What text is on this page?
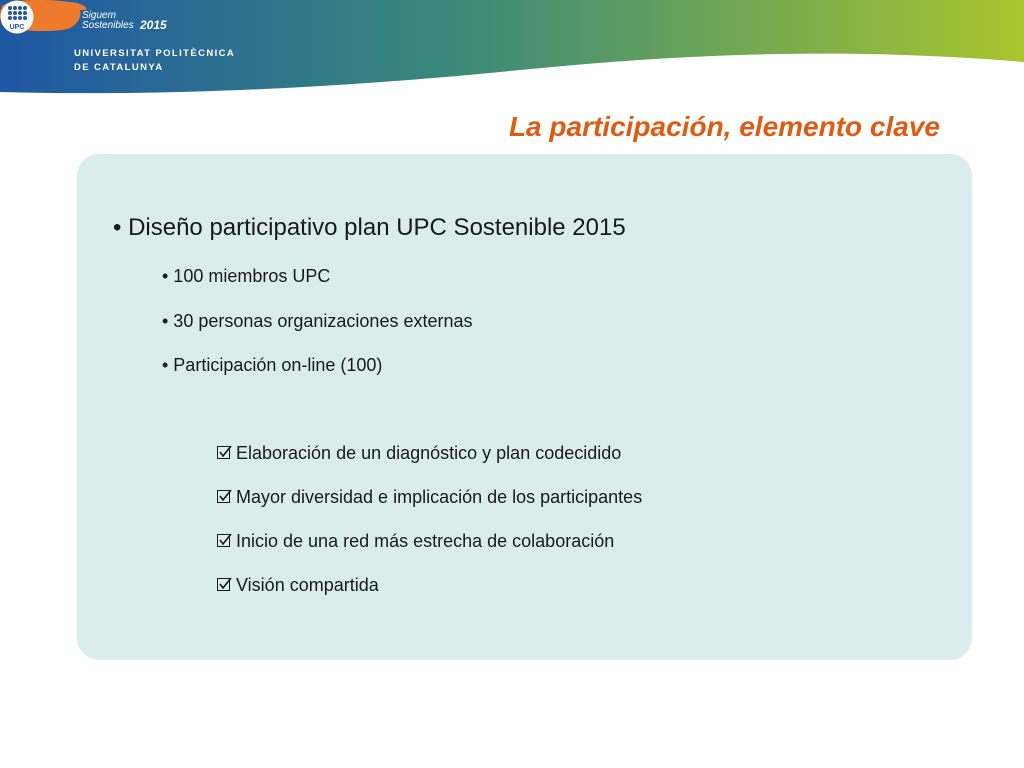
Siguem
Sostenibles 2015
UPC
UNIVERSITAT POLITÈCNICA
DE CATALUNYA
La participación, elemento clave
• Diseño participativo plan UPC Sostenible 2015
• 100 miembros UPC
• 30 personas organizaciones externas
• Participación on-line (100)
Elaboración de un diagnóstico y plan codecidido
Mayor diversidad e implicación de los participantes
Inicio de una red más estrecha de colaboración
Visión compartida
